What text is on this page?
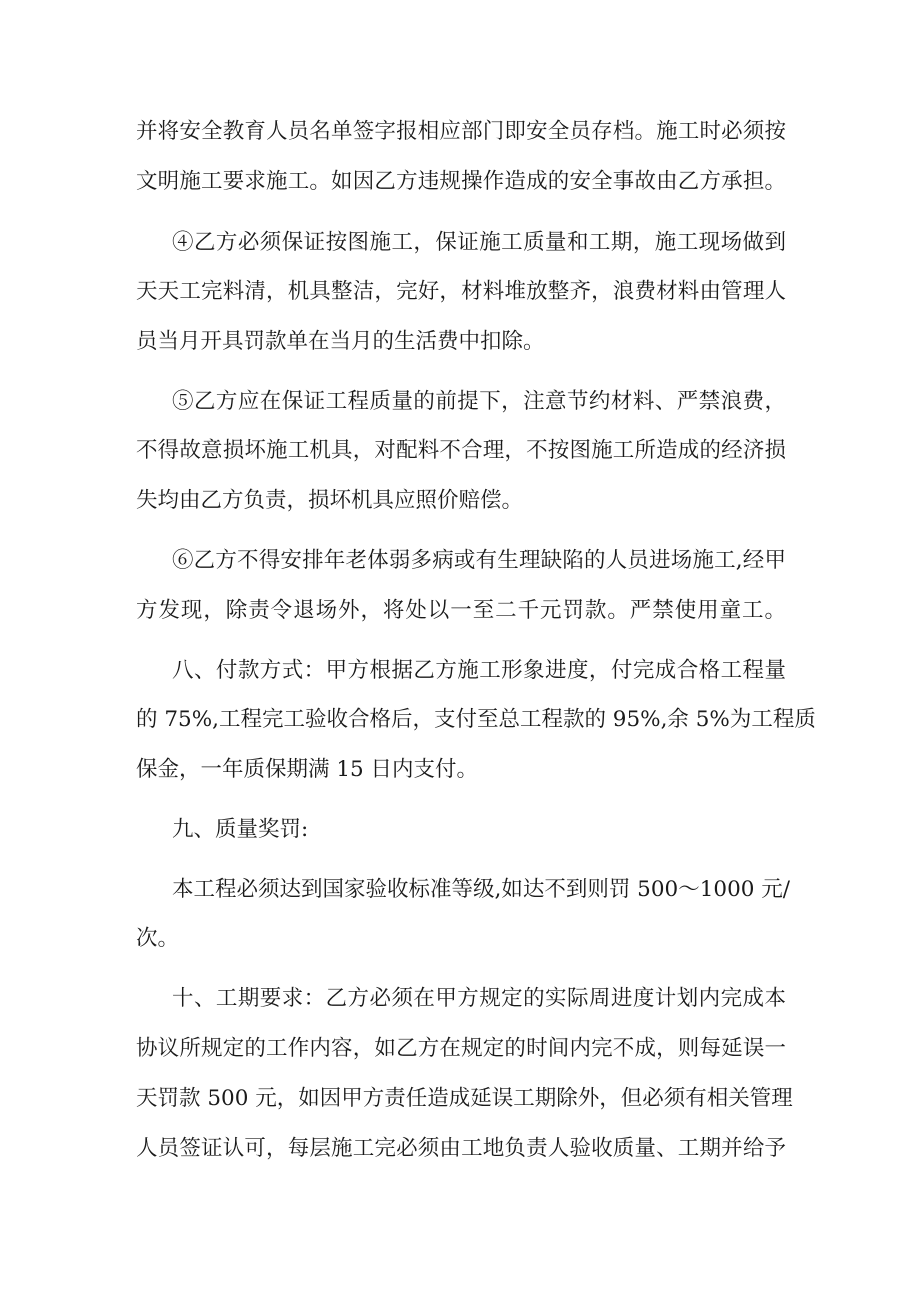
并将安全教育人员名单签字报相应部门即安全员存档。施工时必须按
文明施工要求施工。如因乙方违规操作造成的安全事故由乙方承担。
④乙方必须保证按图施工，保证施工质量和工期，施工现场做到
天天工完料清，机具整洁，完好，材料堆放整齐，浪费材料由管理人
员当月开具罚款单在当月的生活费中扣除。
⑤乙方应在保证工程质量的前提下，注意节约材料、严禁浪费，
不得故意损坏施工机具，对配料不合理，不按图施工所造成的经济损
失均由乙方负责，损坏机具应照价赔偿。
⑥乙方不得安排年老体弱多病或有生理缺陷的人员进场施工,经甲
方发现，除责令退场外，将处以一至二千元罚款。严禁使用童工。
八、付款方式：甲方根据乙方施工形象进度，付完成合格工程量
的 75%,工程完工验收合格后，支付至总工程款的 95%,余 5%为工程质
保金，一年质保期满 15 日内支付。
九、质量奖罚:
本工程必须达到国家验收标准等级,如达不到则罚 500～1000 元/
次。
十、工期要求：乙方必须在甲方规定的实际周进度计划内完成本
协议所规定的工作内容，如乙方在规定的时间内完不成，则每延误一
天罚款 500 元，如因甲方责任造成延误工期除外，但必须有相关管理
人员签证认可，每层施工完必须由工地负责人验收质量、工期并给予
